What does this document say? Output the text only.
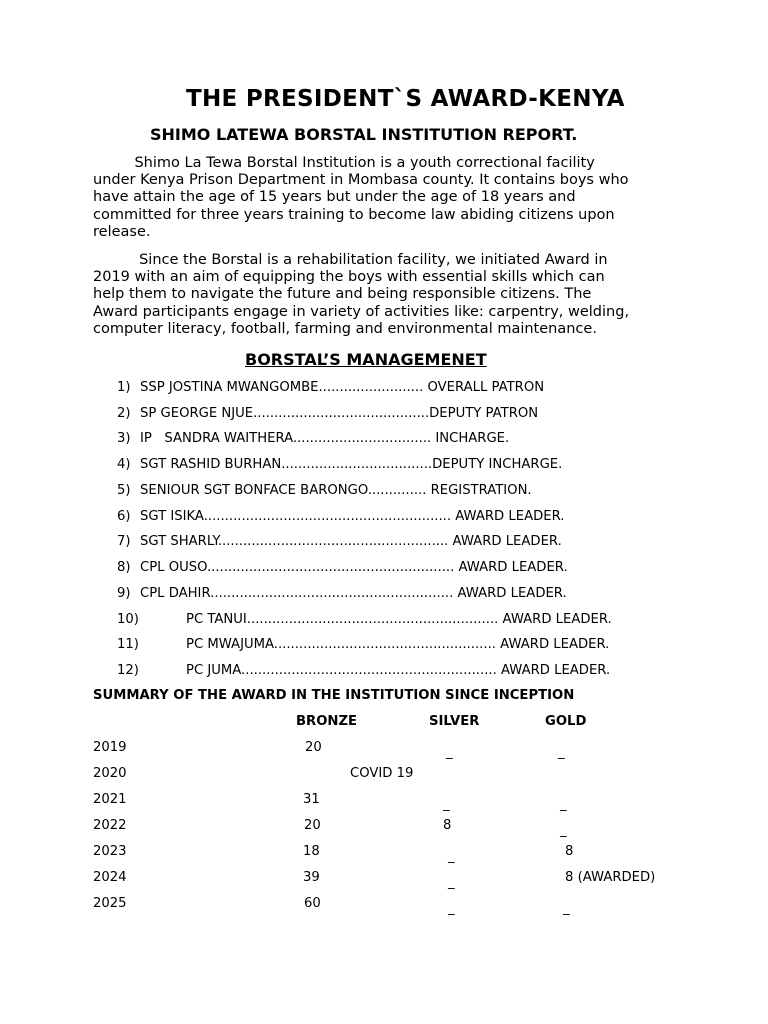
THE PRESIDENT`S AWARD-KENYA
SHIMO LATEWA BORSTAL INSTITUTION REPORT.
Shimo La Tewa Borstal Institution is a youth correctional facility
under Kenya Prison Department in Mombasa county. It contains boys who
have attain the age of 15 years but under the age of 18 years and
committed for three years training to become law abiding citizens upon
release.
Since the Borstal is a rehabilitation facility, we initiated Award in
2019 with an aim of equipping the boys with essential skills which can
help them to navigate the future and being responsible citizens. The
Award participants engage in variety of activities like: carpentry, welding,
computer literacy, football, farming and environmental maintenance.
BORSTAL’S MANAGEMENET
1) SSP JOSTINA MWANGOMBE......................... OVERALL PATRON
2) SP GEORGE NJUE..........................................DEPUTY PATRON
3) IP   SANDRA WAITHERA................................. INCHARGE.
4) SGT RASHID BURHAN....................................DEPUTY INCHARGE.
5) SENIOUR SGT BONFACE BARONGO.............. REGISTRATION.
6) SGT ISIKA........................................................... AWARD LEADER.
7) SGT SHARLY....................................................... AWARD LEADER.
8) CPL OUSO........................................................... AWARD LEADER.
9) CPL DAHIR.......................................................... AWARD LEADER.
10)	PC TANUI............................................................ AWARD LEADER.
11)	PC MWAJUMA..................................................... AWARD LEADER.
12)	PC JUMA............................................................. AWARD LEADER.
SUMMARY OF THE AWARD IN THE INSTITUTION SINCE INCEPTION
BRONZE	SILVER	GOLD
2019	20	_	_
2020	COVID 19
2021	31	_	_
2022	20	8	_
2023	18	_	8
2024	39	_	8 (AWARDED)
2025	60	_	_
